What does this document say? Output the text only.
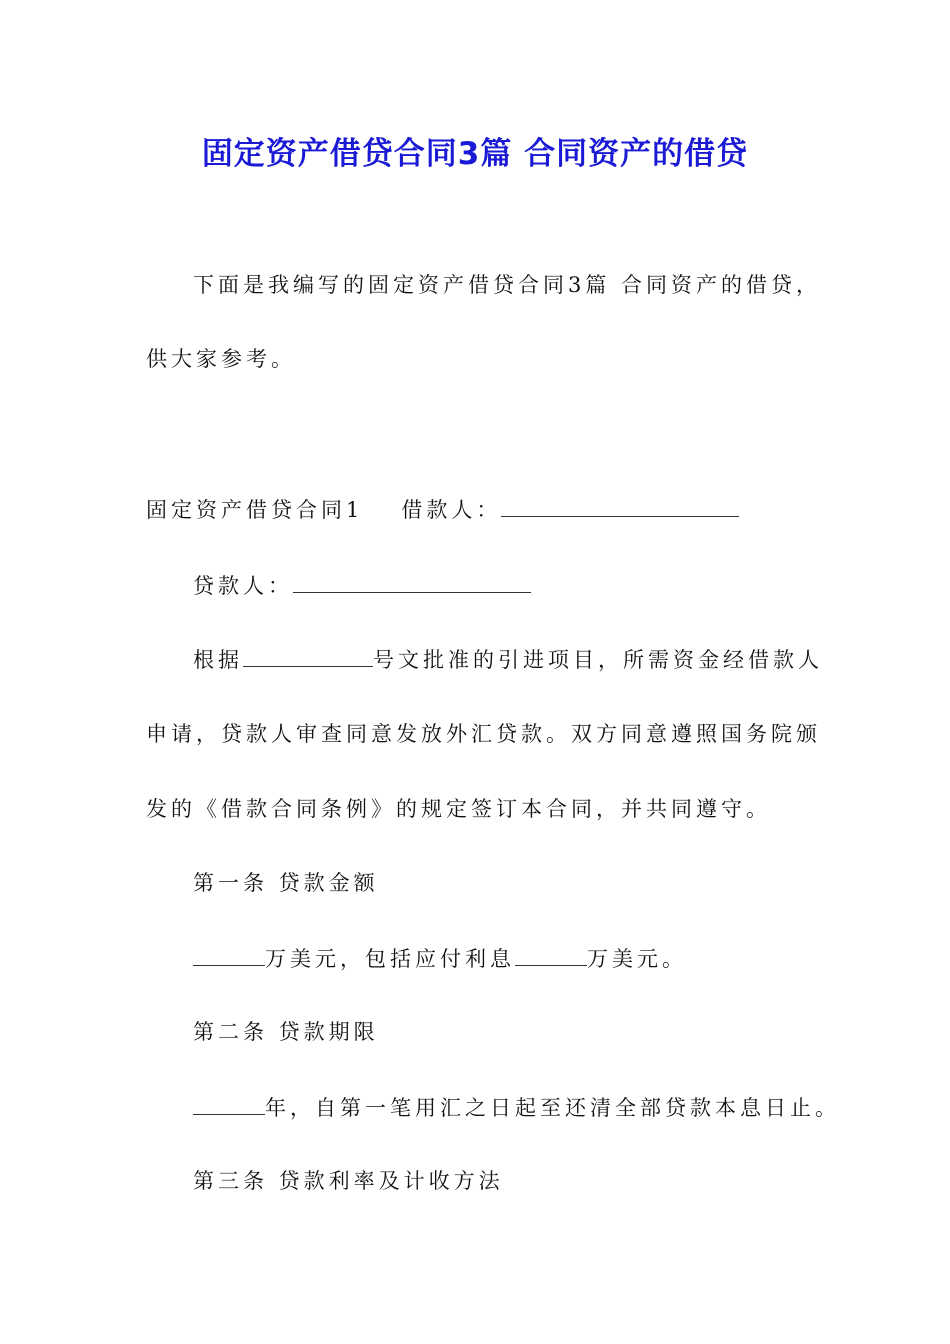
固定资产借贷合同3篇 合同资产的借贷
下面是我编写的固定资产借贷合同3篇 合同资产的借贷，
供大家参考。
固定资产借贷合同1 借款人：
贷款人：
根据	号文批准的引进项目，所需资金经借款人
申请，贷款人审查同意发放外汇贷款。双方同意遵照国务院颁
发的《借款合同条例》的规定签订本合同，并共同遵守。
第一条 贷款金额
万美元，包括应付利息	万美元。
第二条 贷款期限
年，自第一笔用汇之日起至还清全部贷款本息日止。
第三条 贷款利率及计收方法
